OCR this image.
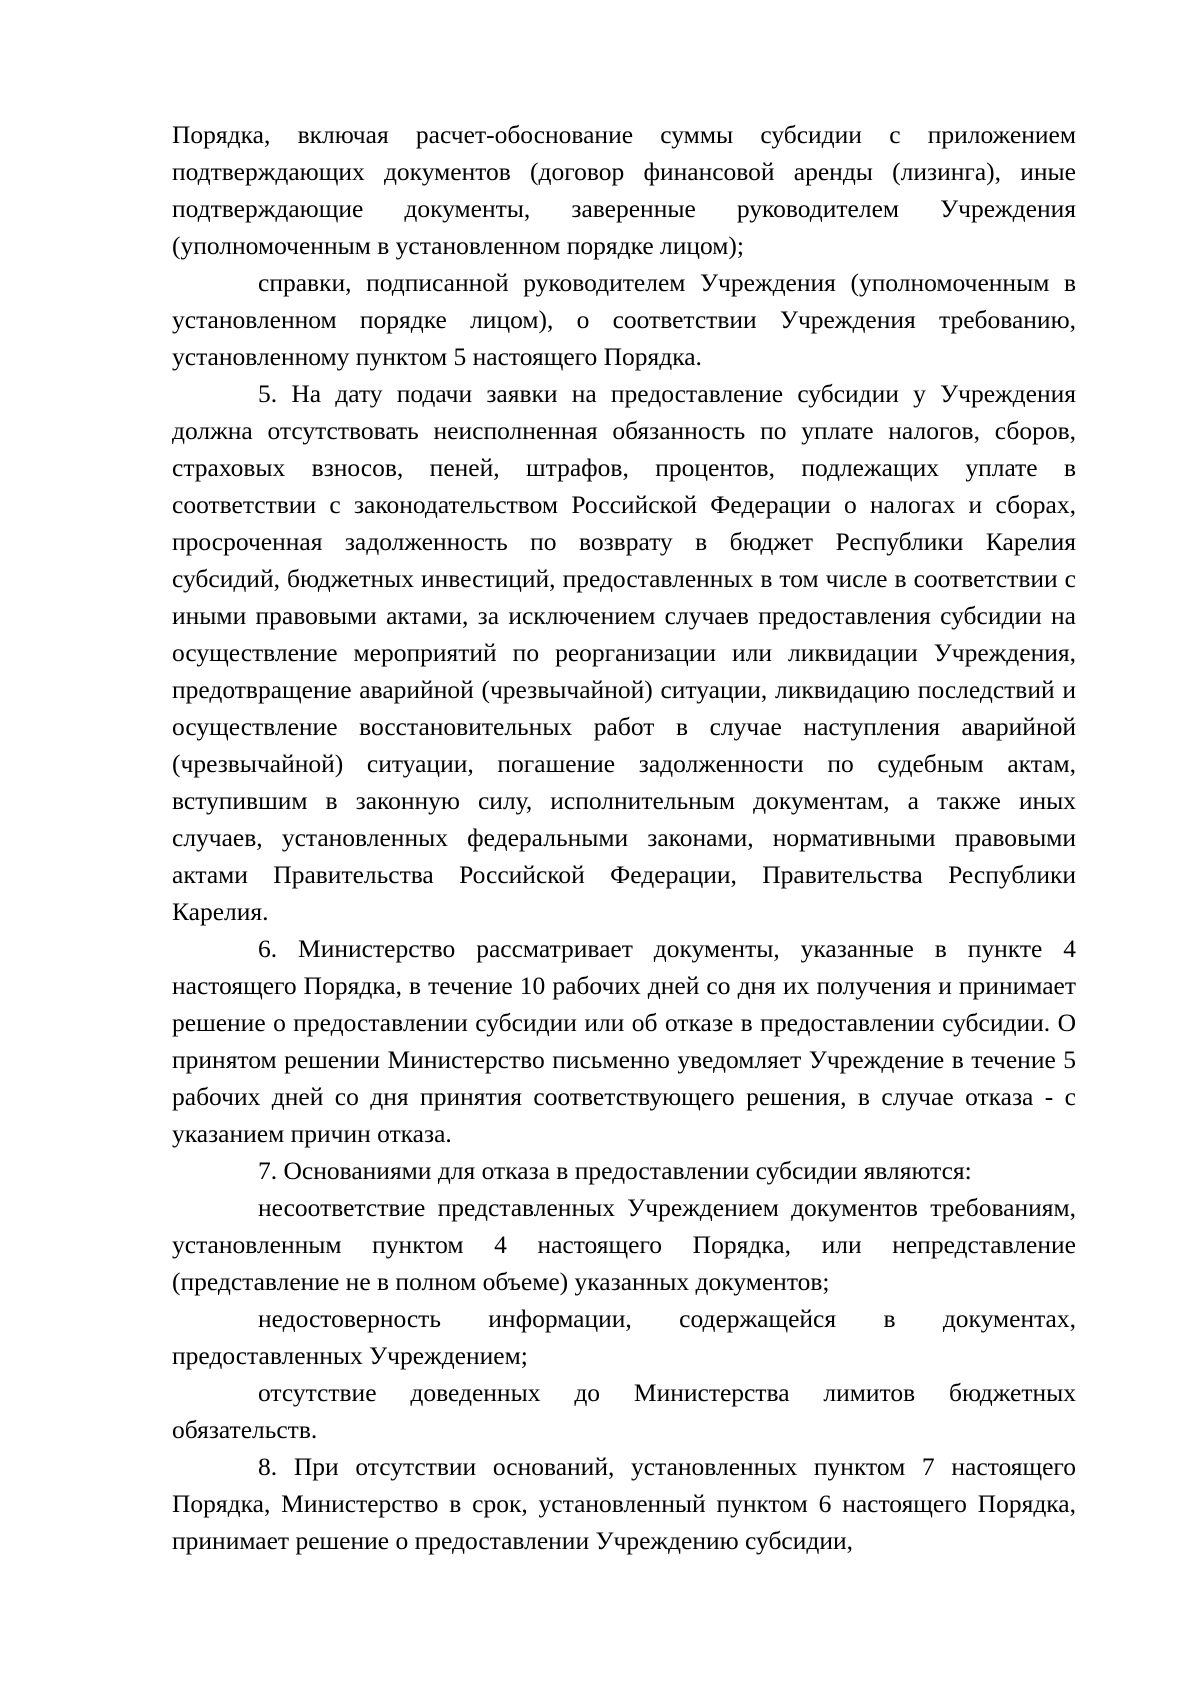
Порядка, включая расчет-обоснование суммы субсидии с приложением подтверждающих документов (договор финансовой аренды (лизинга), иные подтверждающие документы, заверенные руководителем Учреждения (уполномоченным в установленном порядке лицом);

справки, подписанной руководителем Учреждения (уполномоченным в установленном порядке лицом), о соответствии Учреждения требованию, установленному пунктом 5 настоящего Порядка.

5. На дату подачи заявки на предоставление субсидии у Учреждения должна отсутствовать неисполненная обязанность по уплате налогов, сборов, страховых взносов, пеней, штрафов, процентов, подлежащих уплате в соответствии с законодательством Российской Федерации о налогах и сборах, просроченная задолженность по возврату в бюджет Республики Карелия субсидий, бюджетных инвестиций, предоставленных в том числе в соответствии с иными правовыми актами, за исключением случаев предоставления субсидии на осуществление мероприятий по реорганизации или ликвидации Учреждения, предотвращение аварийной (чрезвычайной) ситуации, ликвидацию последствий и осуществление восстановительных работ в случае наступления аварийной (чрезвычайной) ситуации, погашение задолженности по судебным актам, вступившим в законную силу, исполнительным документам, а также иных случаев, установленных федеральными законами, нормативными правовыми актами Правительства Российской Федерации, Правительства Республики Карелия.

6. Министерство рассматривает документы, указанные в пункте 4 настоящего Порядка, в течение 10 рабочих дней со дня их получения и принимает решение о предоставлении субсидии или об отказе в предоставлении субсидии. О принятом решении Министерство письменно уведомляет Учреждение в течение 5 рабочих дней со дня принятия соответствующего решения, в случае отказа - с указанием причин отказа.

7. Основаниями для отказа в предоставлении субсидии являются:

несоответствие представленных Учреждением документов требованиям, установленным пунктом 4 настоящего Порядка, или непредставление (представление не в полном объеме) указанных документов;

недостоверность информации, содержащейся в документах, предоставленных Учреждением;

отсутствие доведенных до Министерства лимитов бюджетных обязательств.

8. При отсутствии оснований, установленных пунктом 7 настоящего Порядка, Министерство в срок, установленный пунктом 6 настоящего Порядка, принимает решение о предоставлении Учреждению субсидии,
